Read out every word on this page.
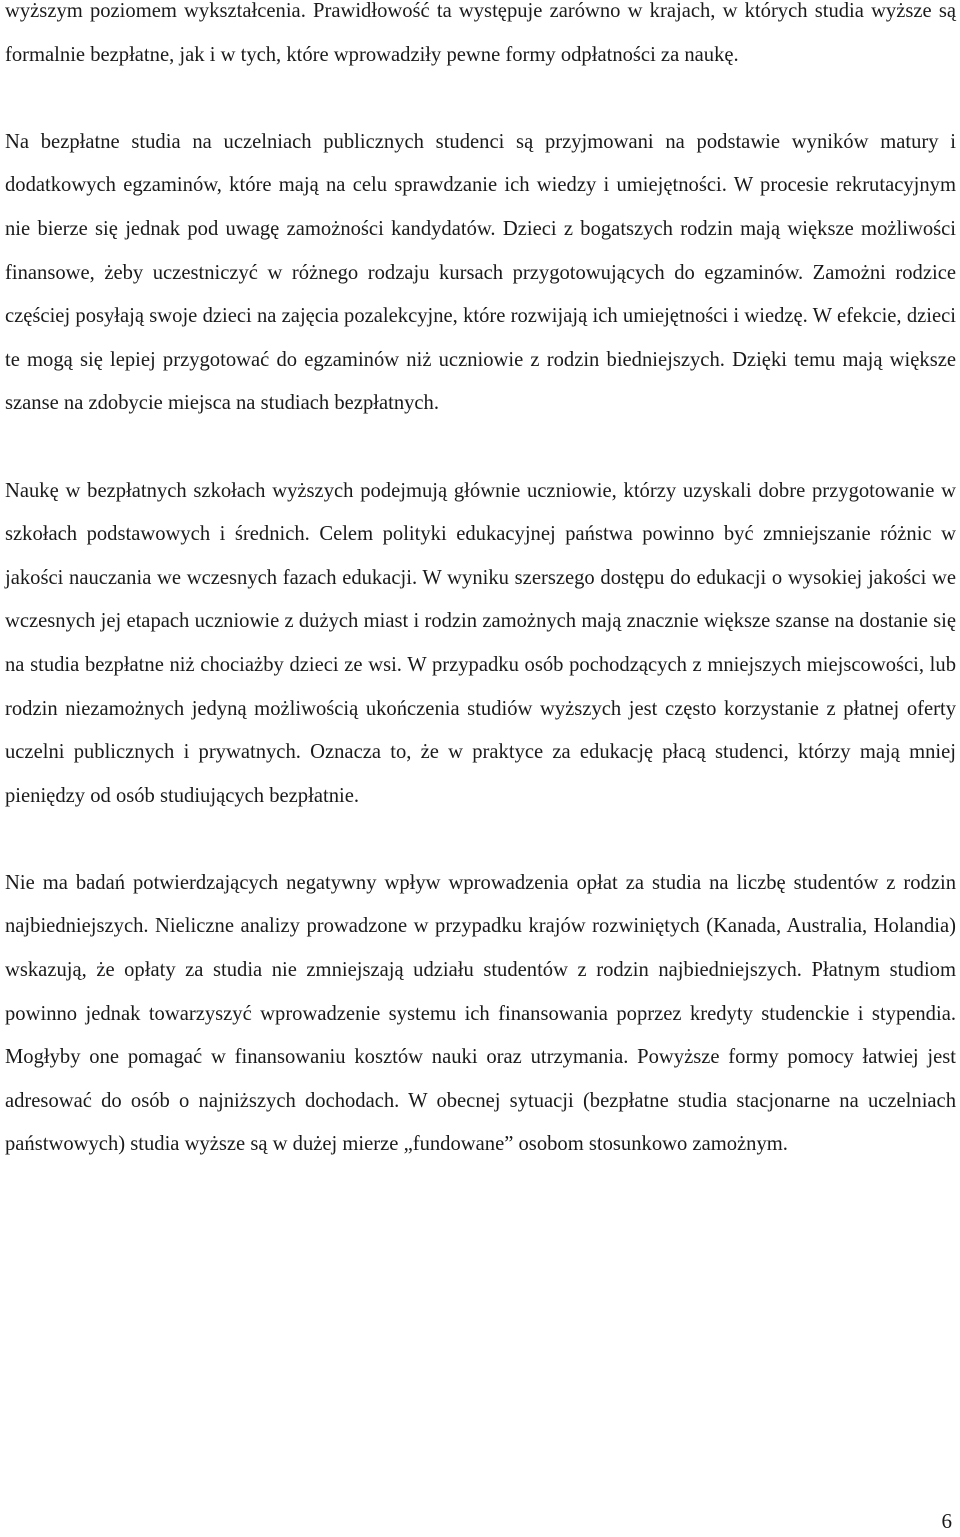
wyższym poziomem wykształcenia. Prawidłowość ta występuje zarówno w krajach, w których studia wyższe są formalnie bezpłatne, jak i w tych, które wprowadziły pewne formy odpłatności za naukę.

Na bezpłatne studia na uczelniach publicznych studenci są przyjmowani na podstawie wyników matury i dodatkowych egzaminów, które mają na celu sprawdzanie ich wiedzy i umiejętności. W procesie rekrutacyjnym nie bierze się jednak pod uwagę zamożności kandydatów. Dzieci z bogatszych rodzin mają większe możliwości finansowe, żeby uczestniczyć w różnego rodzaju kursach przygotowujących do egzaminów. Zamożni rodzice częściej posyłają swoje dzieci na zajęcia pozalekcyjne, które rozwijają ich umiejętności i wiedzę. W efekcie, dzieci te mogą się lepiej przygotować do egzaminów niż uczniowie z rodzin biedniejszych. Dzięki temu mają większe szanse na zdobycie miejsca na studiach bezpłatnych.

Naukę w bezpłatnych szkołach wyższych podejmują głównie uczniowie, którzy uzyskali dobre przygotowanie w szkołach podstawowych i średnich. Celem polityki edukacyjnej państwa powinno być zmniejszanie różnic w jakości nauczania we wczesnych fazach edukacji. W wyniku szerszego dostępu do edukacji o wysokiej jakości we wczesnych jej etapach uczniowie z dużych miast i rodzin zamożnych mają znacznie większe szanse na dostanie się na studia bezpłatne niż chociażby dzieci ze wsi. W przypadku osób pochodzących z mniejszych miejscowości, lub rodzin niezamożnych jedyną możliwością ukończenia studiów wyższych jest często korzystanie z płatnej oferty uczelni publicznych i prywatnych. Oznacza to, że w praktyce za edukację płacą studenci, którzy mają mniej pieniędzy od osób studiujących bezpłatnie.

Nie ma badań potwierdzających negatywny wpływ wprowadzenia opłat za studia na liczbę studentów z rodzin najbiedniejszych. Nieliczne analizy prowadzone w przypadku krajów rozwiniętych (Kanada, Australia, Holandia) wskazują, że opłaty za studia nie zmniejszają udziału studentów z rodzin najbiedniejszych. Płatnym studiom powinno jednak towarzyszyć wprowadzenie systemu ich finansowania poprzez kredyty studenckie i stypendia. Mogłyby one pomagać w finansowaniu kosztów nauki oraz utrzymania. Powyższe formy pomocy łatwiej jest adresować do osób o najniższych dochodach. W obecnej sytuacji (bezpłatne studia stacjonarne na uczelniach państwowych) studia wyższe są w dużej mierze „fundowane” osobom stosunkowo zamożnym.

6
